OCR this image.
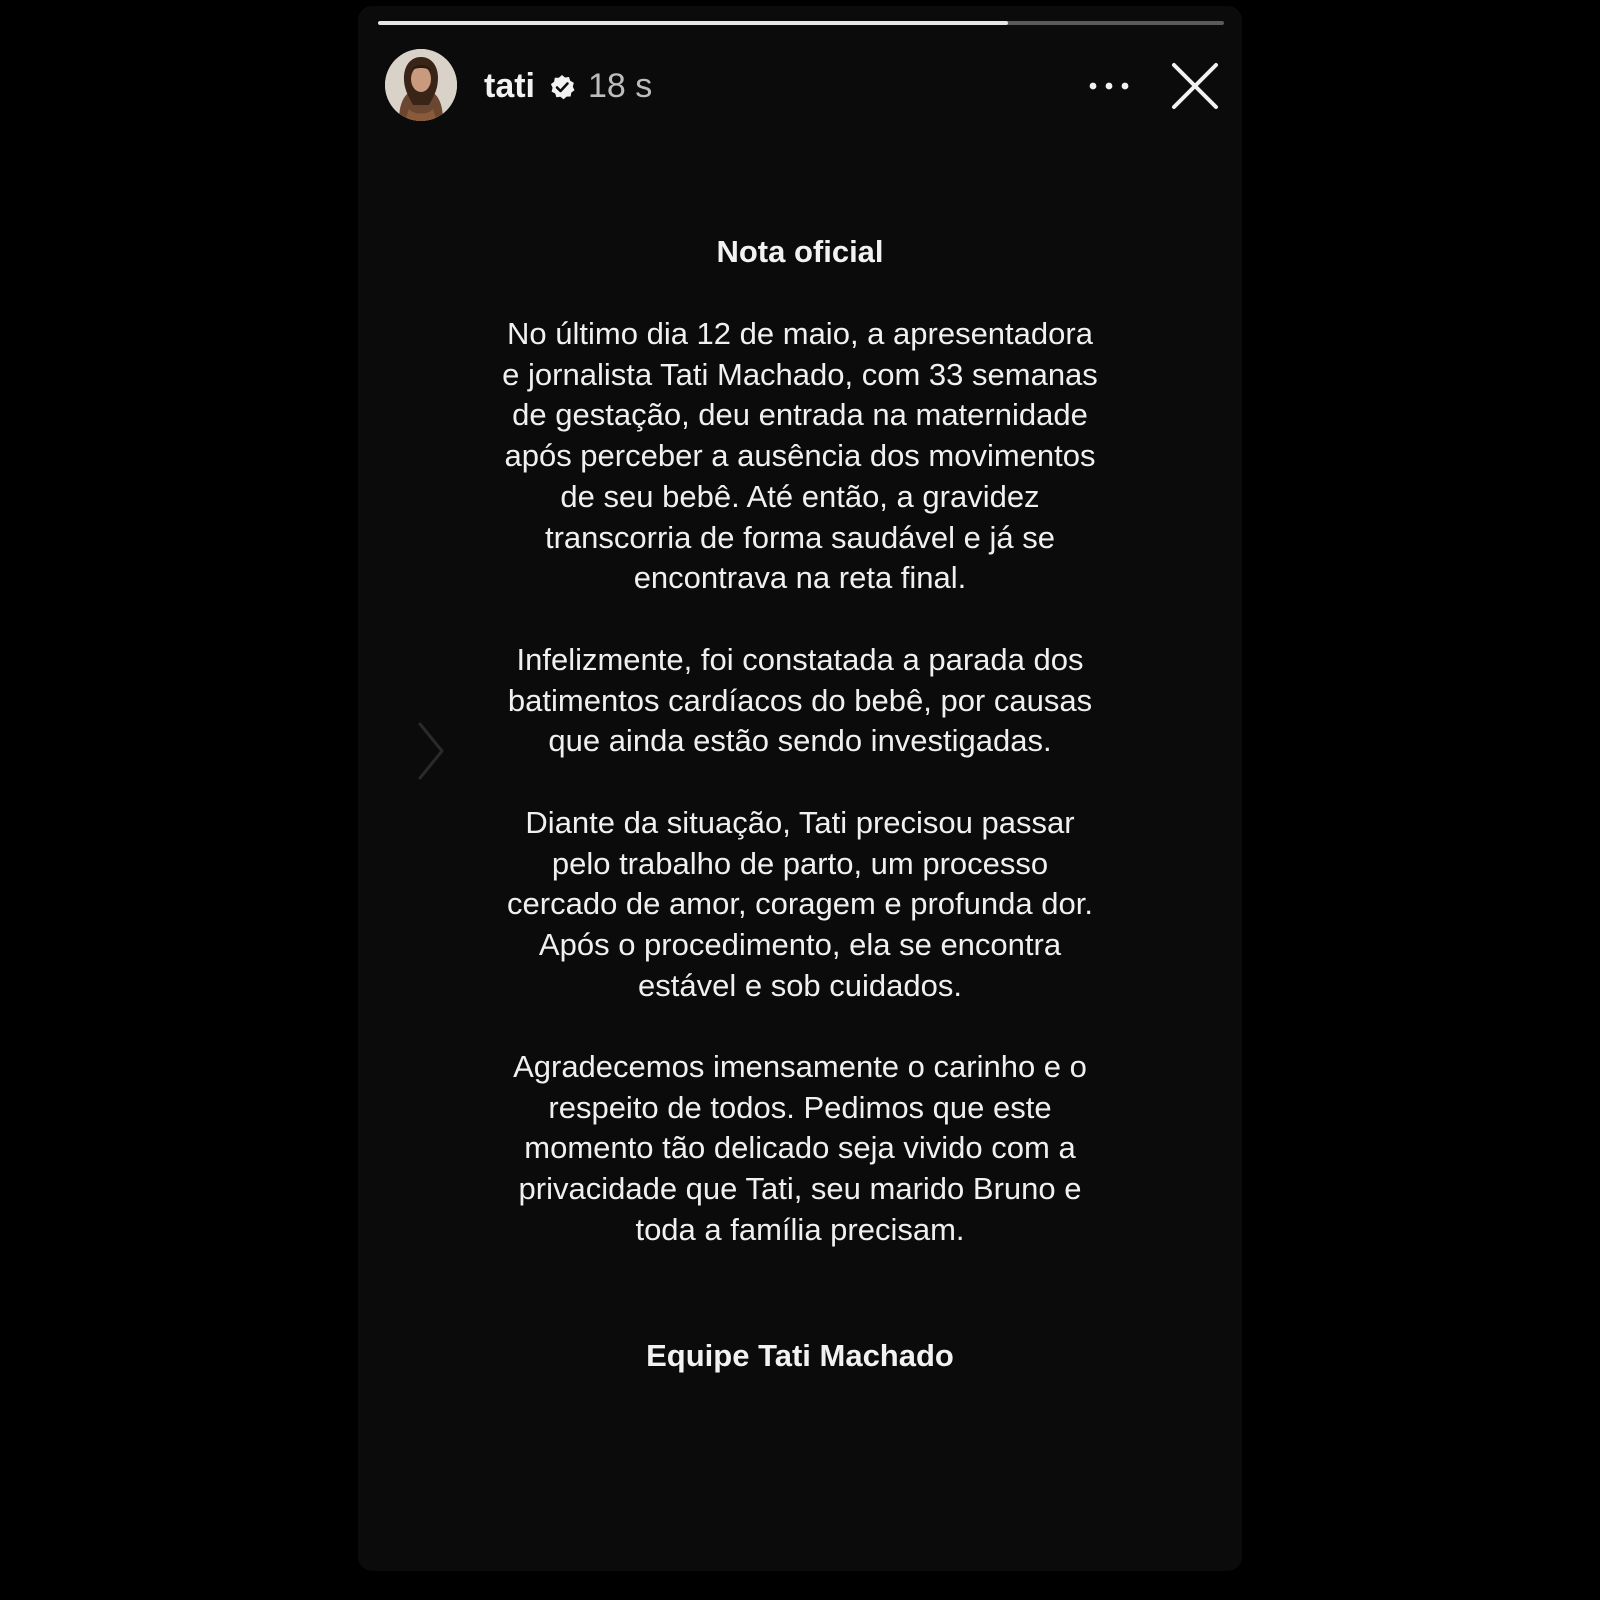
tati 18 s
Nota oficial
No último dia 12 de maio, a apresentadora
e jornalista Tati Machado, com 33 semanas
de gestação, deu entrada na maternidade
após perceber a ausência dos movimentos
de seu bebê. Até então, a gravidez
transcorria de forma saudável e já se
encontrava na reta final.
Infelizmente, foi constatada a parada dos
batimentos cardíacos do bebê, por causas
que ainda estão sendo investigadas.
Diante da situação, Tati precisou passar
pelo trabalho de parto, um processo
cercado de amor, coragem e profunda dor.
Após o procedimento, ela se encontra
estável e sob cuidados.
Agradecemos imensamente o carinho e o
respeito de todos. Pedimos que este
momento tão delicado seja vivido com a
privacidade que Tati, seu marido Bruno e
toda a família precisam.
Equipe Tati Machado
